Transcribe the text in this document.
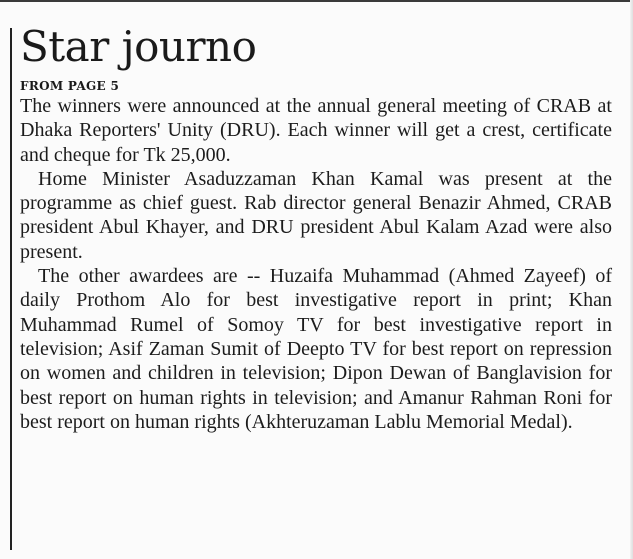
Star journo
FROM PAGE 5

The winners were announced at the annual general meeting of CRAB at Dhaka Reporters' Unity (DRU). Each winner will get a crest, certificate and cheque for Tk 25,000.

Home Minister Asaduzzaman Khan Kamal was present at the programme as chief guest. Rab director general Benazir Ahmed, CRAB president Abul Khayer, and DRU president Abul Kalam Azad were also present.

The other awardees are -- Huzaifa Muhammad (Ahmed Zayeef) of daily Prothom Alo for best investigative report in print; Khan Muhammad Rumel of Somoy TV for best investigative report in television; Asif Zaman Sumit of Deepto TV for best report on repression on women and children in television; Dipon Dewan of Banglavision for best report on human rights in television; and Amanur Rahman Roni for best report on human rights (Akhteruzaman Lablu Memorial Medal).
